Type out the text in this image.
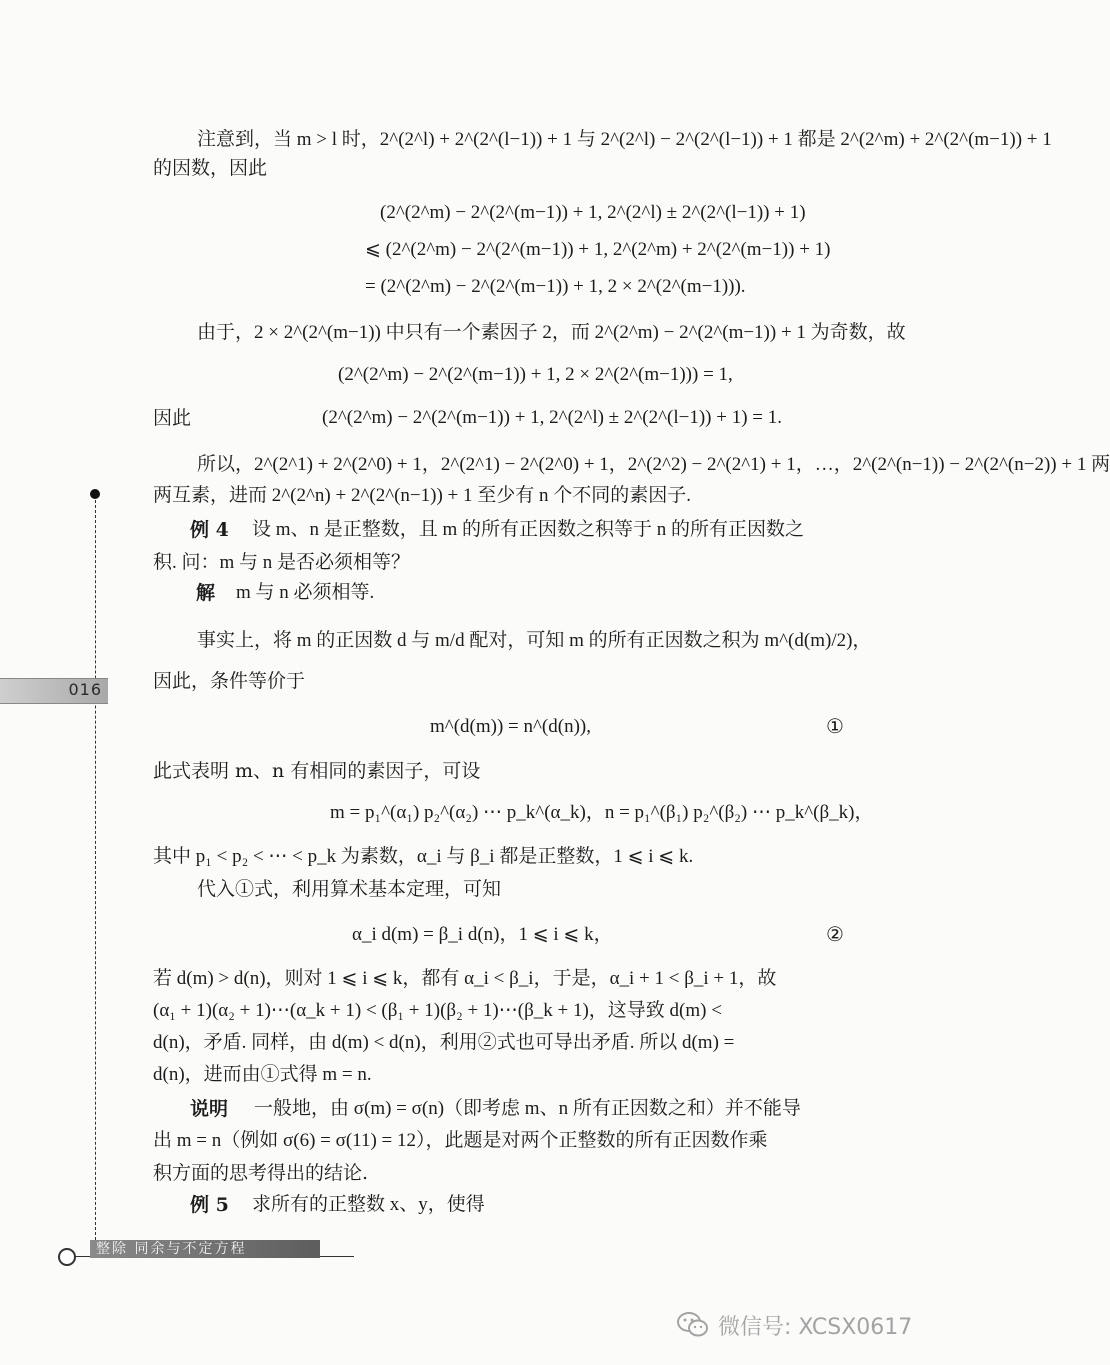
016
注意到，当 m > l 时，2^(2^l) + 2^(2^(l−1)) + 1 与 2^(2^l) − 2^(2^(l−1)) + 1 都是 2^(2^m) + 2^(2^(m−1)) + 1
的因数，因此
(2^(2^m) − 2^(2^(m−1)) + 1, 2^(2^l) ± 2^(2^(l−1)) + 1)
⩽ (2^(2^m) − 2^(2^(m−1)) + 1, 2^(2^m) + 2^(2^(m−1)) + 1)
= (2^(2^m) − 2^(2^(m−1)) + 1, 2 × 2^(2^(m−1))).
由于，2 × 2^(2^(m−1)) 中只有一个素因子 2，而 2^(2^m) − 2^(2^(m−1)) + 1 为奇数，故
(2^(2^m) − 2^(2^(m−1)) + 1, 2 × 2^(2^(m−1))) = 1,
因此	(2^(2^m) − 2^(2^(m−1)) + 1, 2^(2^l) ± 2^(2^(l−1)) + 1) = 1.
所以，2^(2^1) + 2^(2^0) + 1，2^(2^1) − 2^(2^0) + 1，2^(2^2) − 2^(2^1) + 1，…，2^(2^(n−1)) − 2^(2^(n−2)) + 1 两
两互素，进而 2^(2^n) + 2^(2^(n−1)) + 1 至少有 n 个不同的素因子.
例 4 设 m、n 是正整数，且 m 的所有正因数之积等于 n 的所有正因数之
积. 问：m 与 n 是否必须相等？
解 m 与 n 必须相等.
事实上，将 m 的正因数 d 与 m/d 配对，可知 m 的所有正因数之积为 m^(d(m)/2)，
因此，条件等价于
m^(d(m)) = n^(d(n)),	①
此式表明 m、n 有相同的素因子，可设
m = p₁^(α₁) p₂^(α₂) ⋯ p_k^(α_k)，n = p₁^(β₁) p₂^(β₂) ⋯ p_k^(β_k)，
其中 p₁ < p₂ < ⋯ < p_k 为素数，α_i 与 β_i 都是正整数，1 ⩽ i ⩽ k.
代入①式，利用算术基本定理，可知
α_i d(m) = β_i d(n)，1 ⩽ i ⩽ k，	②
若 d(m) > d(n)，则对 1 ⩽ i ⩽ k，都有 α_i < β_i，于是，α_i + 1 < β_i + 1，故
(α₁ + 1)(α₂ + 1)⋯(α_k + 1) < (β₁ + 1)(β₂ + 1)⋯(β_k + 1)，这导致 d(m) <
d(n)，矛盾. 同样，由 d(m) < d(n)，利用②式也可导出矛盾. 所以 d(m) =
d(n)，进而由①式得 m = n.
说明 一般地，由 σ(m) = σ(n)（即考虑 m、n 所有正因数之和）并不能导
出 m = n（例如 σ(6) = σ(11) = 12），此题是对两个正整数的所有正因数作乘
积方面的思考得出的结论.
例 5 求所有的正整数 x、y，使得
整除 同余与不定方程
微信号: XCSX0617
